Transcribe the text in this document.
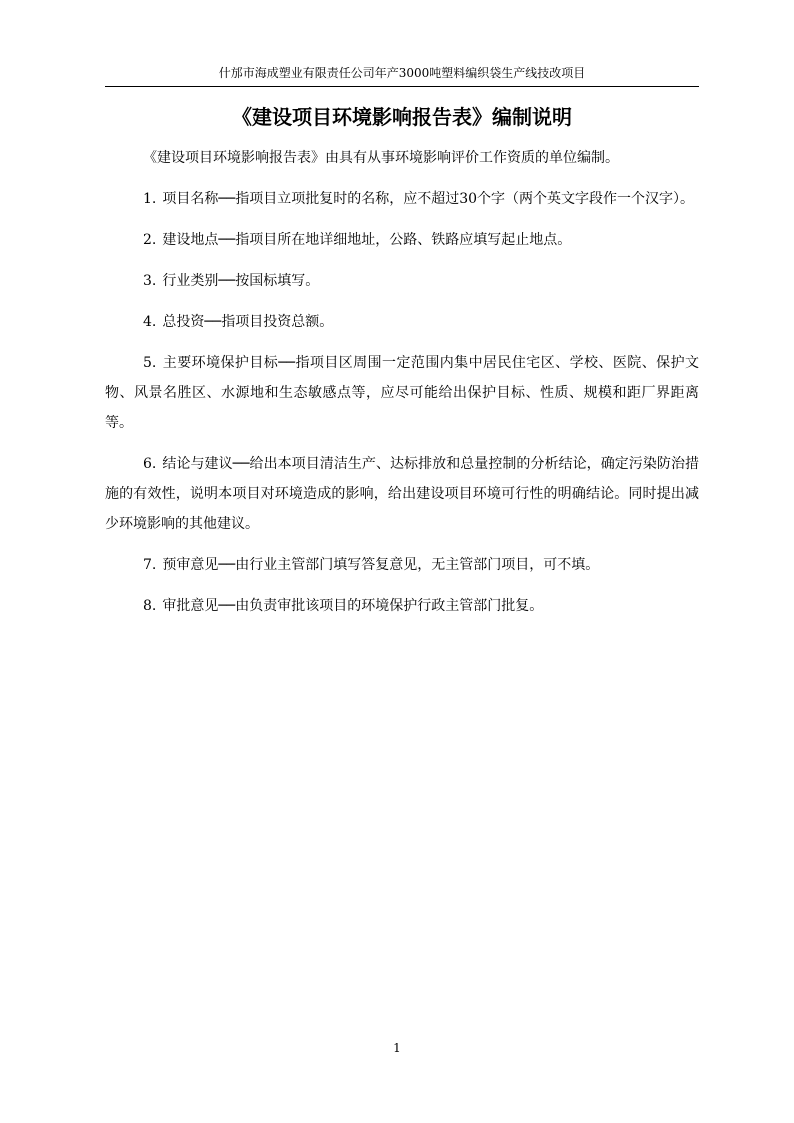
什邡市海成塑业有限责任公司年产3000吨塑料编织袋生产线技改项目
《建设项目环境影响报告表》编制说明

《建设项目环境影响报告表》由具有从事环境影响评价工作资质的单位编制。

1. 项目名称──指项目立项批复时的名称，应不超过30个字（两个英文字段作一个汉字）。

2. 建设地点──指项目所在地详细地址，公路、铁路应填写起止地点。

3. 行业类别──按国标填写。

4. 总投资──指项目投资总额。

5. 主要环境保护目标──指项目区周围一定范围内集中居民住宅区、学校、医院、保护文物、风景名胜区、水源地和生态敏感点等，应尽可能给出保护目标、性质、规模和距厂界距离等。

6. 结论与建议──给出本项目清洁生产、达标排放和总量控制的分析结论，确定污染防治措施的有效性，说明本项目对环境造成的影响，给出建设项目环境可行性的明确结论。同时提出减少环境影响的其他建议。

7. 预审意见──由行业主管部门填写答复意见，无主管部门项目，可不填。

8. 审批意见──由负责审批该项目的环境保护行政主管部门批复。

1
